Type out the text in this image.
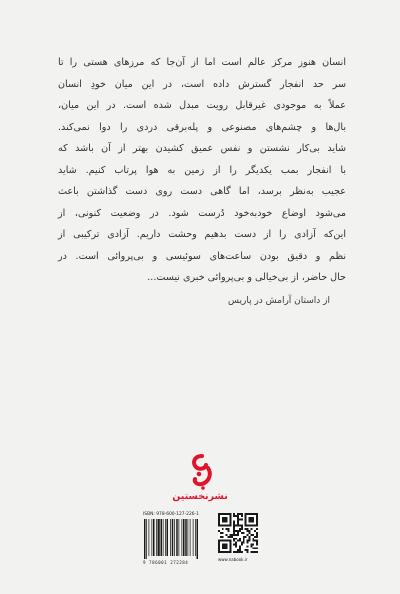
انسان هنوز مرکز عالم است اما از آن‌جا که مرزهای هستی را تا
سر حد انفجار گسترش داده است، در این میان خودِ انسان
عملاً به موجودی غیرقابل رویت مبدل شده است. در این میان،
بال‌ها و چشم‌های مصنوعی و پله‌برقی دردی را دوا نمی‌کند.
شاید بی‌کار نشستن و نفس عمیق کشیدن بهتر از آن باشد که
با انفجار بمب یکدیگر را از زمین به هوا پرتاب کنیم. شاید
عجیب به‌نظر برسد، اما گاهی دست روی دست گذاشتن باعث
می‌شود اوضاع خودبه‌خود دُرست شود. در وضعیت کنونی، از
این‌که آزادی را از دست بدهیم وحشت داریم. آزادی ترکیبی از
نظم و دقیق بودن ساعت‌های سوئیسی و بی‌پروائی است. در
حال حاضر، از بی‌خیالی و بی‌پروائی خبری نیست...
از داستان آرامش در پاریس
نشرنخستین
ISBN: 978-600-127-226-1
9 786001 272284
www.nabook.ir
